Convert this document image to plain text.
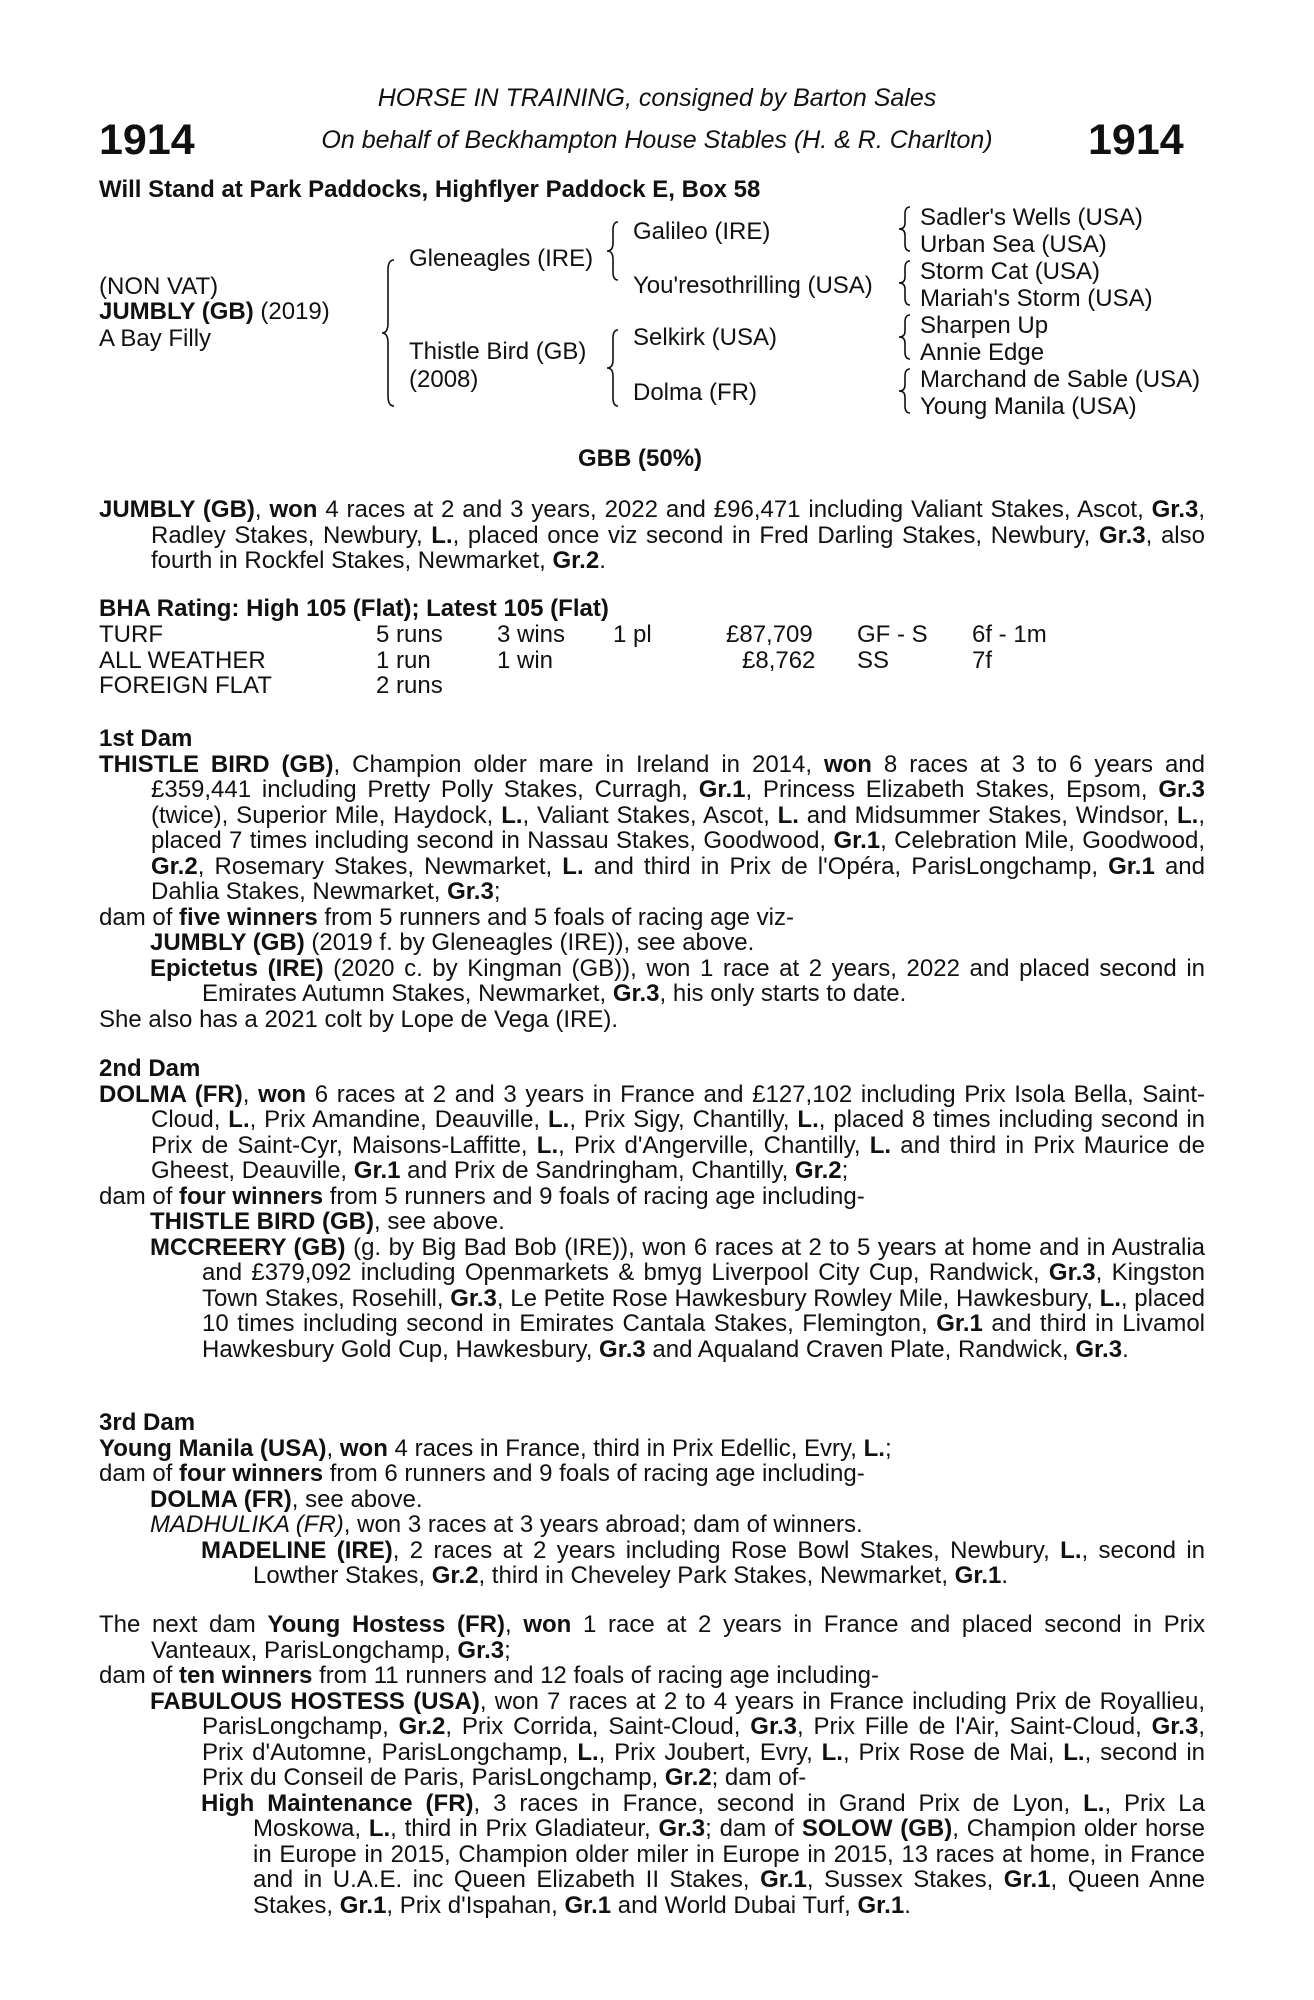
1914	1914
HORSE IN TRAINING, consigned by Barton Sales
On behalf of Beckhampton House Stables (H. & R. Charlton)
Will Stand at Park Paddocks, Highflyer Paddock E, Box 58
(NON VAT)
JUMBLY (GB) (2019)
A Bay Filly
Gleneagles (IRE)
Thistle Bird (GB)
(2008)
Galileo (IRE)
You'resothrilling (USA)
Selkirk (USA)
Dolma (FR)
Sadler's Wells (USA)
Urban Sea (USA)
Storm Cat (USA)
Mariah's Storm (USA)
Sharpen Up
Annie Edge
Marchand de Sable (USA)
Young Manila (USA)
GBB (50%)

JUMBLY (GB), won 4 races at 2 and 3 years, 2022 and £96,471 including Valiant Stakes, Ascot, Gr.3, Radley Stakes, Newbury, L., placed once viz second in Fred Darling Stakes, Newbury, Gr.3, also fourth in Rockfel Stakes, Newmarket, Gr.2.

BHA Rating: High 105 (Flat); Latest 105 (Flat)
TURF	5 runs 3 wins 1 pl	£87,709 GF - S 6f - 1m
ALL WEATHER	1 run	1 win	£8,762 SS	7f
FOREIGN FLAT	2 runs

1st Dam

THISTLE BIRD (GB), Champion older mare in Ireland in 2014, won 8 races at 3 to 6 years and £359,441 including Pretty Polly Stakes, Curragh, Gr.1, Princess Elizabeth Stakes, Epsom, Gr.3 (twice), Superior Mile, Haydock, L., Valiant Stakes, Ascot, L. and Midsummer Stakes, Windsor, L., placed 7 times including second in Nassau Stakes, Goodwood, Gr.1, Celebration Mile, Goodwood, Gr.2, Rosemary Stakes, Newmarket, L. and third in Prix de l'Opéra, ParisLongchamp, Gr.1 and Dahlia Stakes, Newmarket, Gr.3;

dam of five winners from 5 runners and 5 foals of racing age viz-

JUMBLY (GB) (2019 f. by Gleneagles (IRE)), see above.

Epictetus (IRE) (2020 c. by Kingman (GB)), won 1 race at 2 years, 2022 and placed second in Emirates Autumn Stakes, Newmarket, Gr.3, his only starts to date.

She also has a 2021 colt by Lope de Vega (IRE).

2nd Dam

DOLMA (FR), won 6 races at 2 and 3 years in France and £127,102 including Prix Isola Bella, Saint-Cloud, L., Prix Amandine, Deauville, L., Prix Sigy, Chantilly, L., placed 8 times including second in Prix de Saint-Cyr, Maisons-Laffitte, L., Prix d'Angerville, Chantilly, L. and third in Prix Maurice de Gheest, Deauville, Gr.1 and Prix de Sandringham, Chantilly, Gr.2;

dam of four winners from 5 runners and 9 foals of racing age including-

THISTLE BIRD (GB), see above.

MCCREERY (GB) (g. by Big Bad Bob (IRE)), won 6 races at 2 to 5 years at home and in Australia and £379,092 including Openmarkets & bmyg Liverpool City Cup, Randwick, Gr.3, Kingston Town Stakes, Rosehill, Gr.3, Le Petite Rose Hawkesbury Rowley Mile, Hawkesbury, L., placed 10 times including second in Emirates Cantala Stakes, Flemington, Gr.1 and third in Livamol Hawkesbury Gold Cup, Hawkesbury, Gr.3 and Aqualand Craven Plate, Randwick, Gr.3.

3rd Dam

Young Manila (USA), won 4 races in France, third in Prix Edellic, Evry, L.;

dam of four winners from 6 runners and 9 foals of racing age including-

DOLMA (FR), see above.

MADHULIKA (FR), won 3 races at 3 years abroad; dam of winners.

MADELINE (IRE), 2 races at 2 years including Rose Bowl Stakes, Newbury, L., second in Lowther Stakes, Gr.2, third in Cheveley Park Stakes, Newmarket, Gr.1.

The next dam Young Hostess (FR), won 1 race at 2 years in France and placed second in Prix Vanteaux, ParisLongchamp, Gr.3;

dam of ten winners from 11 runners and 12 foals of racing age including-

FABULOUS HOSTESS (USA), won 7 races at 2 to 4 years in France including Prix de Royallieu, ParisLongchamp, Gr.2, Prix Corrida, Saint-Cloud, Gr.3, Prix Fille de l'Air, Saint-Cloud, Gr.3, Prix d'Automne, ParisLongchamp, L., Prix Joubert, Evry, L., Prix Rose de Mai, L., second in Prix du Conseil de Paris, ParisLongchamp, Gr.2; dam of-

High Maintenance (FR), 3 races in France, second in Grand Prix de Lyon, L., Prix La Moskowa, L., third in Prix Gladiateur, Gr.3; dam of SOLOW (GB), Champion older horse in Europe in 2015, Champion older miler in Europe in 2015, 13 races at home, in France and in U.A.E. inc Queen Elizabeth II Stakes, Gr.1, Sussex Stakes, Gr.1, Queen Anne Stakes, Gr.1, Prix d'Ispahan, Gr.1 and World Dubai Turf, Gr.1.
